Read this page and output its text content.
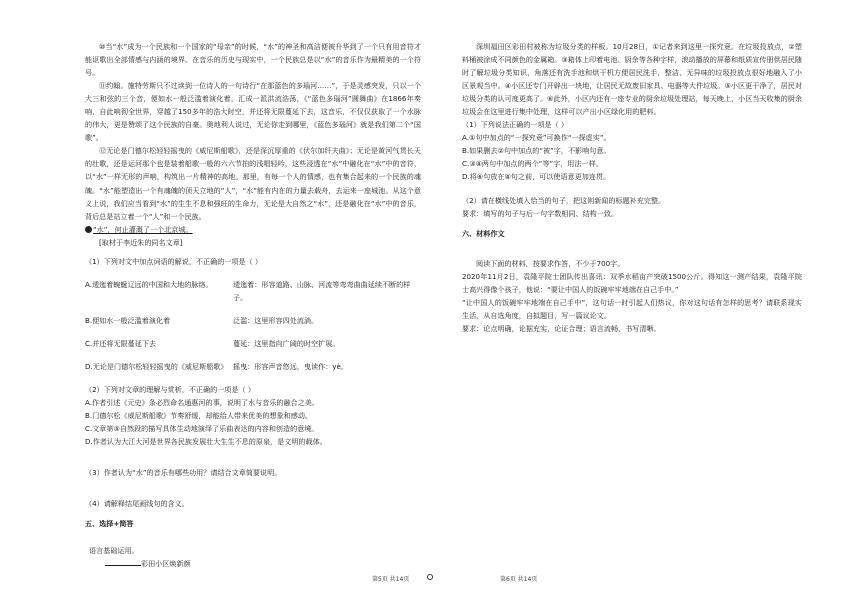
⑩当“水”成为一个民族和一个国家的“母亲”的时候，“水”的神圣和高洁便被升华到了一个只有用音符才能讴歌出全部情感与内涵的境界。在音乐的历史与现实中，一个民族总是以“水”的音乐作为最精美的一个符号。

⑪约翰。施特劳斯只不过读到一位诗人的一句诗行“在那蓝色的多瑙河……”，于是灵感突发，只以一个大三和弦的三个音，便如水一般泛滥着演化着，汇成一派洪流浩荡，《“蓝色多瑙河”圆舞曲》在1866年奏响，自此响彻全世界，穿越了150多年的浩大时空，并还将无限蔓延下去，这音乐，不仅仅获取了一个水脉的伟大，更是赞颂了这个民族的自豪。奥地利人说过，无论你走到哪里，《蓝色多瑙河》就是我们第二个“国歌”。

⑫无论是门德尔松轻轻摇曳的《威尼斯船歌》，还是深沉厚重的《伏尔加纤夫曲》；无论是黄河气贯长天的壮歌，还是运河那个也是装着船歌一般的六六节拍的浅唱轻吟，这些浸透在“水”中融化在“水”中的音符，以“水”一样无形的声响，构筑出一片精神的高地。那里，有每一个人的情感，也有集合起来的一个民族的魂魄。“水”能塑造出一个有魂魄的顶天立地的“人”，“水”能有内在的力量去载舟，去运来一座城池。从这个意义上说，我们应当看到“水”的生生不息和强旺的生命力，无论是大自然之“水”，还是融化在“水”中的音乐，背后总是站立着一个“人”和一个民族。

“水”，何止灌溉了一个北京城。

[取材于李近朱的同名文章]

（1）下列对文中加点词语的解说，不正确的一项是（ ）

A.逶迤着蜿蜒辽远的中国和大地的脉络。	逶迤着：形容道路、山脉、河流等弯弯曲曲延续不断的样子。

B.便如水一般泛滥着演化着	泛滥：这里形容四处流淌。

C.并还将无限蔓延下去	蔓延：这里指向广阔的时空扩展。

D.无论是门德尔松轻轻摇曳的《威尼斯船歌》 摇曳：形容声音悠远，曳读作：yè。

（2）下列对文章的理解与赏析，不正确的一项是（ ）

A.作者引述《元史》条必烈命名通惠河的事，说明了水与音乐的融合之美。

B.门德尔松《威尼斯船歌》节奏舒缓，却能给人带来优美的想象和感动。

C.文章第⑤自然段的描写具体生动地演绎了乐曲表达的内容和创造的意境。

D.作者认为大江大河是世界各民族发展壮大生生不息的原泉，是文明的载体。

（3）作者认为“水”的音乐有哪些功用？请结合文章简要说明。

（4）请解释结尾画线句的含义。

五、选择+简答

语言基础运用。

彩田小区焕新颜

第5页 共14页

深圳福田区彩田村被称为垃圾分类的样板。10月28日，①记者来到这里一探究竟。在垃圾投放点，②塑料桶被涂成不同颜色的金属箱。③箱体上印着电池、厨余等各种字样，滚动播放的屏幕和纸质宣传册供居民随时了解垃圾分类知识，角落还有洗手池和烘干机方便居民洗手，整洁、无异味的垃圾投放点很好地融入了小区景观当中。④小区还专门开辟出一块地，让居民无故废旧家具、电器等大件垃圾。⑤小区更干净了，居民对垃圾分类的认可度更高了。⑥此外，小区内还有一座专业的厨余垃圾处理站，每天晚上，小区当天收集的厨余垃圾会在这里进行集中处理，这样可以产出小区绿化用的肥料。

（1）下列说法正确的一项是（ ）

A.①句中加点的“一探究竟”可换作“一探虚实”。

B.如果删去②句中加点的“被”字，不影响句意。

C.③④两句中加点的两个“等”字，用法一样。

D.将⑥句放在④句之前，可以使语意更加连贯。

（2）请在横线处填入恰当的句子，把这则新闻的标题补充完整。

要求：填写的句子与后一句字数相同、结构一致。

六、材料作文

阅读下面的材料，按要求作答，不少于700字。

2020年11月2日，袁隆平院士团队传出喜讯：双季水稻亩产突破1500公斤。得知这一测产结果，袁隆平院士高兴得像个孩子，他说：“要让中国人的饭碗牢牢地端在自己手中。”

“让中国人的饭碗牢牢地端在自己手中”，这句话一时引起人们热议，你对这句话有怎样的思考？请联系现实生活，从自选角度，自拟题目，写一篇议论文。

要求：论点明确，论据充实，论证合理；语言流畅，书写清晰。

第6页 共14页
